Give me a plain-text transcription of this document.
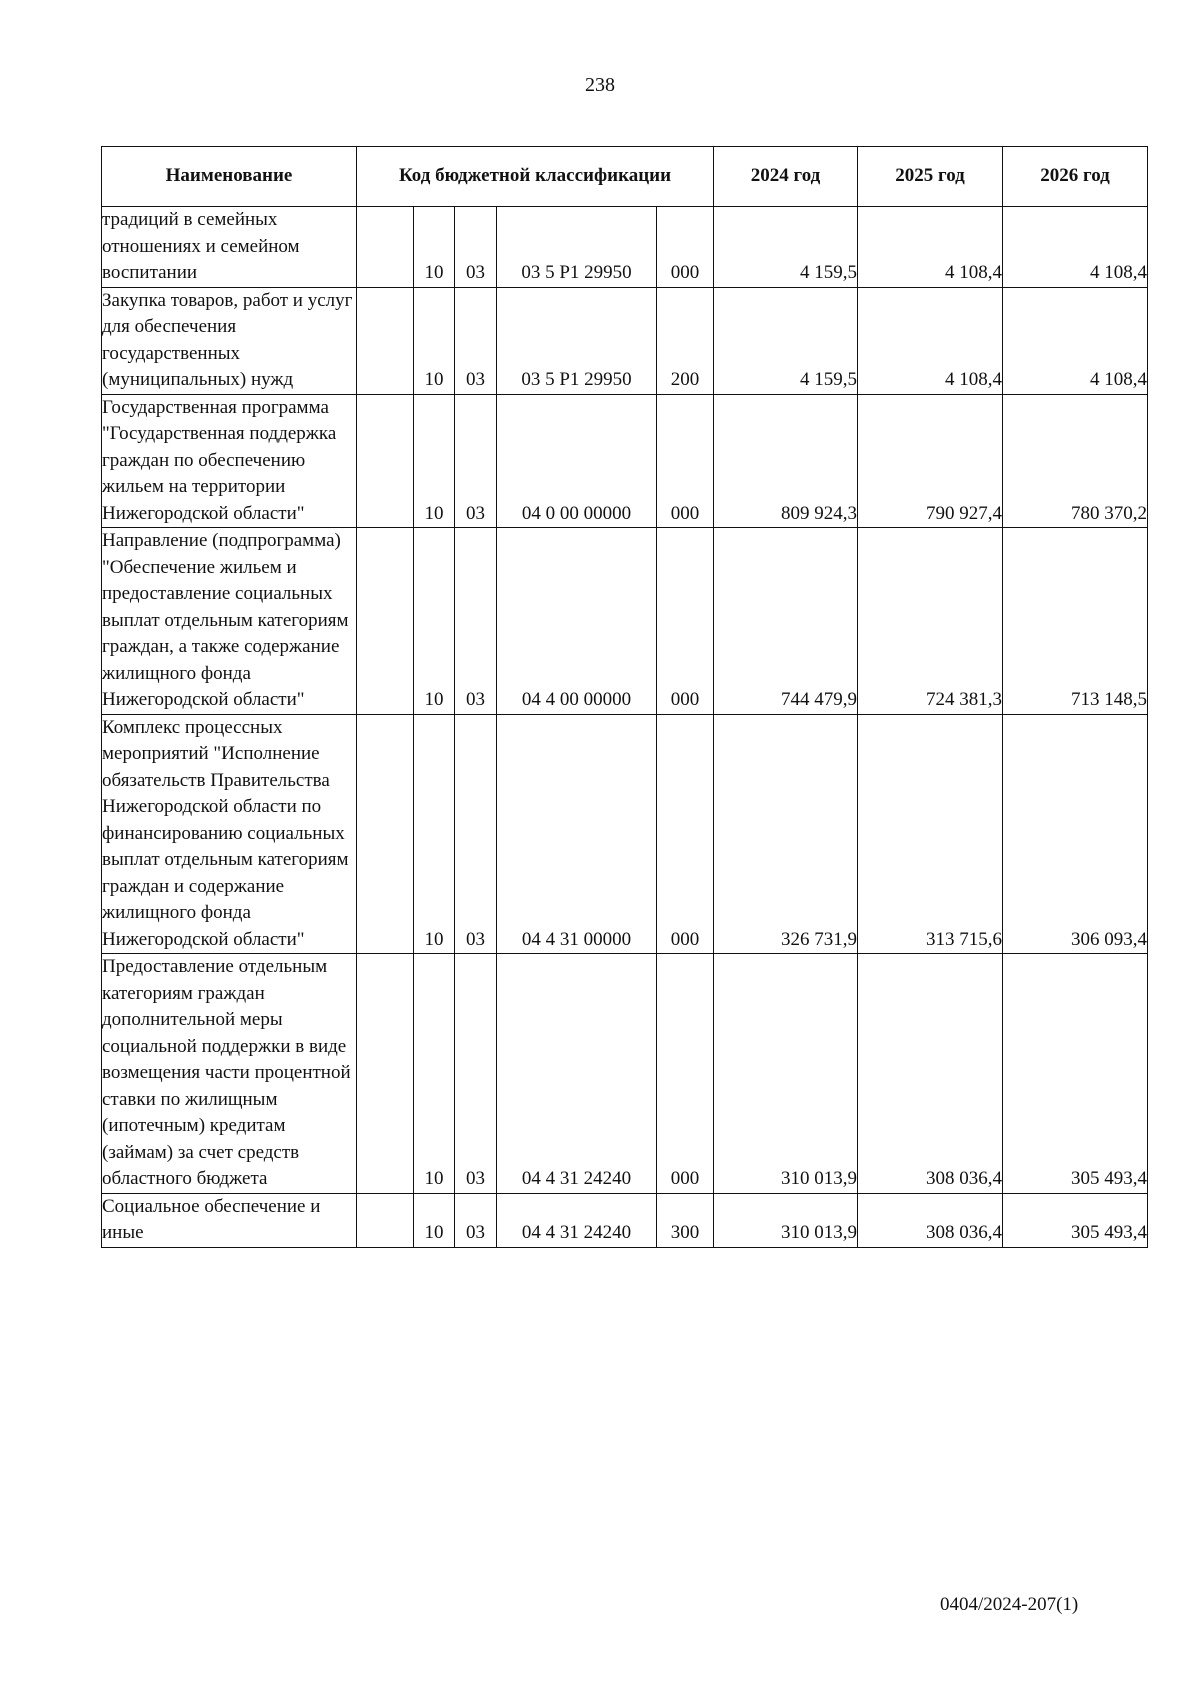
238
Наименование	Код бюджетной классификации					2024 год	2025 год	2026 год
традиций в семейных отношениях и семейном воспитании		10	03	03 5 P1 29950	000	4 159,5	4 108,4	4 108,4
Закупка товаров, работ и услуг для обеспечения государственных (муниципальных) нужд		10	03	03 5 P1 29950	200	4 159,5	4 108,4	4 108,4
Государственная программа "Государственная поддержка граждан по обеспечению жильем на территории Нижегородской области"		10	03	04 0 00 00000	000	809 924,3	790 927,4	780 370,2
Направление (подпрограмма) "Обеспечение жильем и предоставление социальных выплат отдельным категориям граждан, а также содержание жилищного фонда Нижегородской области"		10	03	04 4 00 00000	000	744 479,9	724 381,3	713 148,5
Комплекс процессных мероприятий "Исполнение обязательств Правительства Нижегородской области по финансированию социальных выплат отдельным категориям граждан и содержание жилищного фонда Нижегородской области"		10	03	04 4 31 00000	000	326 731,9	313 715,6	306 093,4
Предоставление отдельным категориям граждан дополнительной меры социальной поддержки в виде возмещения части процентной ставки по жилищным (ипотечным) кредитам (займам) за счет средств областного бюджета		10	03	04 4 31 24240	000	310 013,9	308 036,4	305 493,4
Социальное обеспечение и иные		10	03	04 4 31 24240	300	310 013,9	308 036,4	305 493,4
0404/2024-207(1)
